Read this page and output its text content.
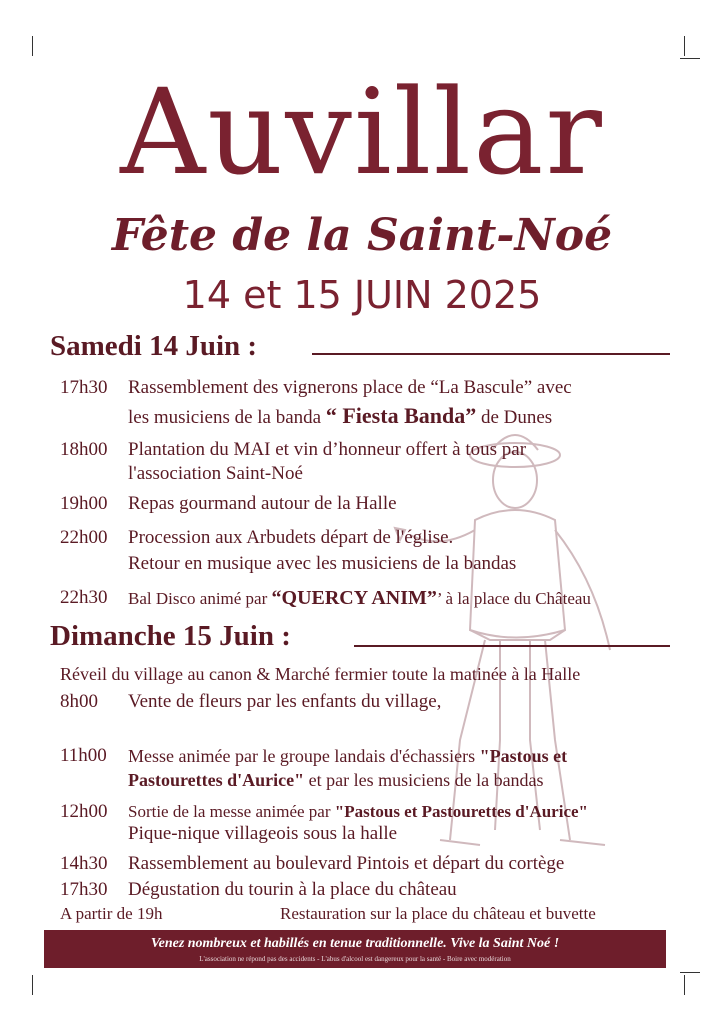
Auvillar
Fête de la Saint-Noé
14 et 15 JUIN 2025
Samedi 14 Juin :
17h30 Rassemblement des vignerons place de “La Bascule” avec
les musiciens de la banda “ Fiesta Banda” de Dunes
18h00 Plantation du MAI et vin d’honneur offert à tous par
l'association Saint-Noé
19h00 Repas gourmand autour de la Halle
22h00 Procession aux Arbudets départ de l'église.
Retour en musique avec les musiciens de la bandas
22h30 Bal Disco animé par “QUERCY ANIM”’ à la place du Château
Dimanche 15 Juin :
Réveil du village au canon & Marché fermier toute la matinée à la Halle
8h00 Vente de fleurs par les enfants du village,
11h00 Messe animée par le groupe landais d'échassiers "Pastous et
Pastourettes d'Aurice" et par les musiciens de la bandas
12h00 Sortie de la messe animée par "Pastous et Pastourettes d'Aurice"
Pique-nique villageois sous la halle
14h30 Rassemblement au boulevard Pintois et départ du cortège
17h30 Dégustation du tourin à la place du château
A partir de 19h	Restauration sur la place du château et buvette
Venez nombreux et habillés en tenue traditionnelle. Vive la Saint Noé !
L'association ne répond pas des accidents - L'abus d'alcool est dangereux pour la santé - Boire avec modération
